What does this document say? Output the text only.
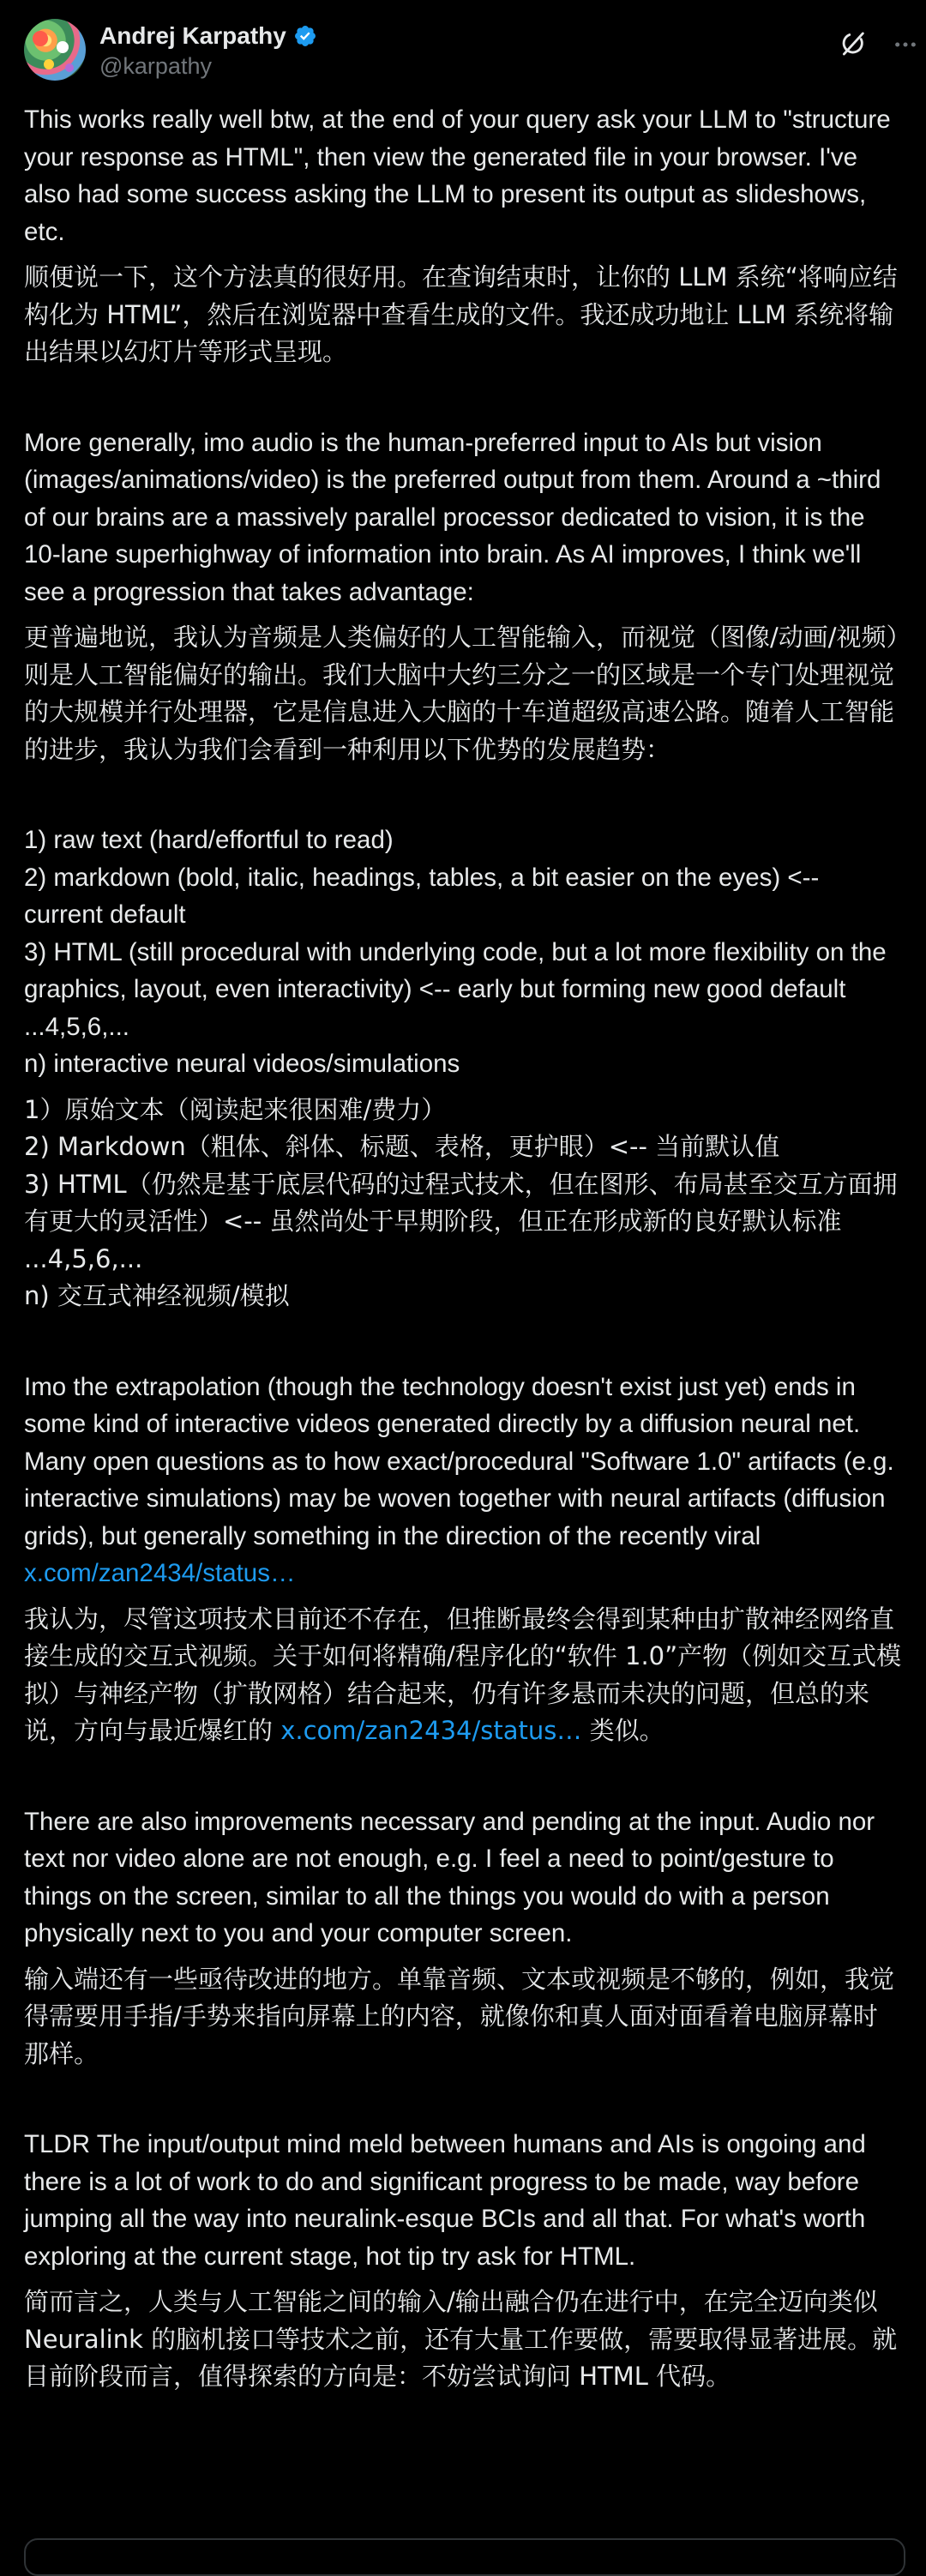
Andrej Karpathy
@karpathy

This works really well btw, at the end of your query ask your LLM to "structure your response as HTML", then view the generated file in your browser. I've also had some success asking the LLM to present its output as slideshows, etc.

顺便说一下，这个方法真的很好用。在查询结束时，让你的 LLM 系统“将响应结构化为 HTML”，然后在浏览器中查看生成的文件。我还成功地让 LLM 系统将输出结果以幻灯片等形式呈现。

More generally, imo audio is the human-preferred input to AIs but vision (images/animations/video) is the preferred output from them. Around a ~third of our brains are a massively parallel processor dedicated to vision, it is the 10-lane superhighway of information into brain. As AI improves, I think we'll see a progression that takes advantage:

更普遍地说，我认为音频是人类偏好的人工智能输入，而视觉（图像/动画/视频）则是人工智能偏好的输出。我们大脑中大约三分之一的区域是一个专门处理视觉的大规模并行处理器，它是信息进入大脑的十车道超级高速公路。随着人工智能的进步，我认为我们会看到一种利用以下优势的发展趋势：

1) raw text (hard/effortful to read)
2) markdown (bold, italic, headings, tables, a bit easier on the eyes) <-- current default
3) HTML (still procedural with underlying code, but a lot more flexibility on the graphics, layout, even interactivity) <-- early but forming new good default
...4,5,6,...
n) interactive neural videos/simulations

1）原始文本（阅读起来很困难/费力）
2) Markdown（粗体、斜体、标题、表格，更护眼）<-- 当前默认值
3) HTML（仍然是基于底层代码的过程式技术，但在图形、布局甚至交互方面拥有更大的灵活性）<-- 虽然尚处于早期阶段，但正在形成新的良好默认标准
...4,5,6,...
n) 交互式神经视频/模拟

Imo the extrapolation (though the technology doesn't exist just yet) ends in some kind of interactive videos generated directly by a diffusion neural net. Many open questions as to how exact/procedural "Software 1.0" artifacts (e.g. interactive simulations) may be woven together with neural artifacts (diffusion grids), but generally something in the direction of the recently viral x.com/zan2434/status…

我认为，尽管这项技术目前还不存在，但推断最终会得到某种由扩散神经网络直接生成的交互式视频。关于如何将精确/程序化的“软件 1.0”产物（例如交互式模拟）与神经产物（扩散网格）结合起来，仍有许多悬而未决的问题，但总的来说，方向与最近爆红的 x.com/zan2434/status… 类似。

There are also improvements necessary and pending at the input. Audio nor text nor video alone are not enough, e.g. I feel a need to point/gesture to things on the screen, similar to all the things you would do with a person physically next to you and your computer screen.

输入端还有一些亟待改进的地方。单靠音频、文本或视频是不够的，例如，我觉得需要用手指/手势来指向屏幕上的内容，就像你和真人面对面看着电脑屏幕时那样。

TLDR The input/output mind meld between humans and AIs is ongoing and there is a lot of work to do and significant progress to be made, way before jumping all the way into neuralink-esque BCIs and all that. For what's worth exploring at the current stage, hot tip try ask for HTML.

简而言之，人类与人工智能之间的输入/输出融合仍在进行中，在完全迈向类似 Neuralink 的脑机接口等技术之前，还有大量工作要做，需要取得显著进展。就目前阶段而言，值得探索的方向是：不妨尝试询问 HTML 代码。
